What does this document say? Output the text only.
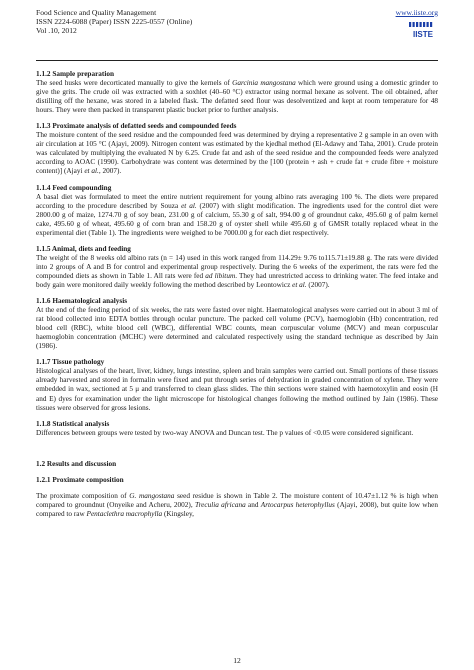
Food Science and Quality Management
ISSN 2224-6088 (Paper) ISSN 2225-0557 (Online)
Vol .10, 2012
www.iiste.org
IISTE
1.1.2 Sample preparation

The seed husks were decorticated manually to give the kernels of Garcinia mangostana which were ground using a domestic grinder to give the grits. The crude oil was extracted with a soxhlet (40–60 °C) extractor using normal hexane as solvent. The oil obtained, after distilling off the hexane, was stored in a labeled flask. The defatted seed flour was desolventized and kept at room temperature for 48 hours. They were then packed in transparent plastic bucket prior to further analysis.

1.1.3 Proximate analysis of defatted seeds and compounded feeds

The moisture content of the seed residue and the compounded feed was determined by drying a representative 2 g sample in an oven with air circulation at 105 °C (Ajayi, 2009). Nitrogen content was estimated by the kjedhal method (El-Adawy and Taha, 2001). Crude protein was calculated by multiplying the evaluated N by 6.25. Crude fat and ash of the seed residue and the compounded feeds were analyzed according to AOAC (1990). Carbohydrate was content was determined by the [100 (protein + ash + crude fat + crude fibre + moisture content)] (Ajayi et al., 2007).

1.1.4 Feed compounding

A basal diet was formulated to meet the entire nutrient requirement for young albino rats averaging 100 %. The diets were prepared according to the procedure described by Souza et al. (2007) with slight modification. The ingredients used for the control diet were 2800.00 g of maize, 1274.70 g of soy bean, 231.00 g of calcium, 55.30 g of salt, 994.00 g of groundnut cake, 495.60 g of palm kernel cake, 495.60 g of wheat, 495.60 g of corn bran and 158.20 g of oyster shell while 495.60 g of GMSR totally replaced wheat in the experimental diet (Table 1). The ingredients were weighed to be 7000.00 g for each diet respectively.

1.1.5 Animal, diets and feeding

The weight of the 8 weeks old albino rats (n = 14) used in this work ranged from 114.29± 9.76 to115.71±19.88 g. The rats were divided into 2 groups of A and B for control and experimental group respectively. During the 6 weeks of the experiment, the rats were fed the compounded diets as shown in Table 1. All rats were fed ad libitum. They had unrestricted access to drinking water. The feed intake and body gain were monitored daily weekly following the method described by Leontowicz et al. (2007).

1.1.6 Haematological analysis

At the end of the feeding period of six weeks, the rats were fasted over night. Haematological analyses were carried out in about 3 ml of rat blood collected into EDTA bottles through ocular puncture. The packed cell volume (PCV), haemoglobin (Hb) concentration, red blood cell (RBC), white blood cell (WBC), differential WBC counts, mean corpuscular volume (MCV) and mean corpuscular haemoglobin concentration (MCHC) were determined and calculated respectively using the standard technique as described by Jain (1986).

1.1.7 Tissue pathology

Histological analyses of the heart, liver, kidney, lungs intestine, spleen and brain samples were carried out. Small portions of these tissues already harvested and stored in formalin were fixed and put through series of dehydration in graded concentration of xylene. They were embedded in wax, sectioned at 5 μ and transferred to clean glass slides. The thin sections were stained with haemotoxylin and eosin (H and E) dyes for examination under the light microscope for histological changes following the method outlined by Jain (1986). These tissues were observed for gross lesions.

1.1.8 Statistical analysis

Differences between groups were tested by two-way ANOVA and Duncan test. The p values of <0.05 were considered significant.

1.2 Results and discussion
1.2.1 Proximate composition

The proximate composition of G. mangostana seed residue is shown in Table 2. The moisture content of 10.47±1.12 % is high when compared to groundnut (Onyeike and Acheru, 2002), Treculia africana and Artocarpus heterophyllus (Ajayi, 2008), but quite low when compared to raw Pentaclethra macrophylla (Kingsley,

12
